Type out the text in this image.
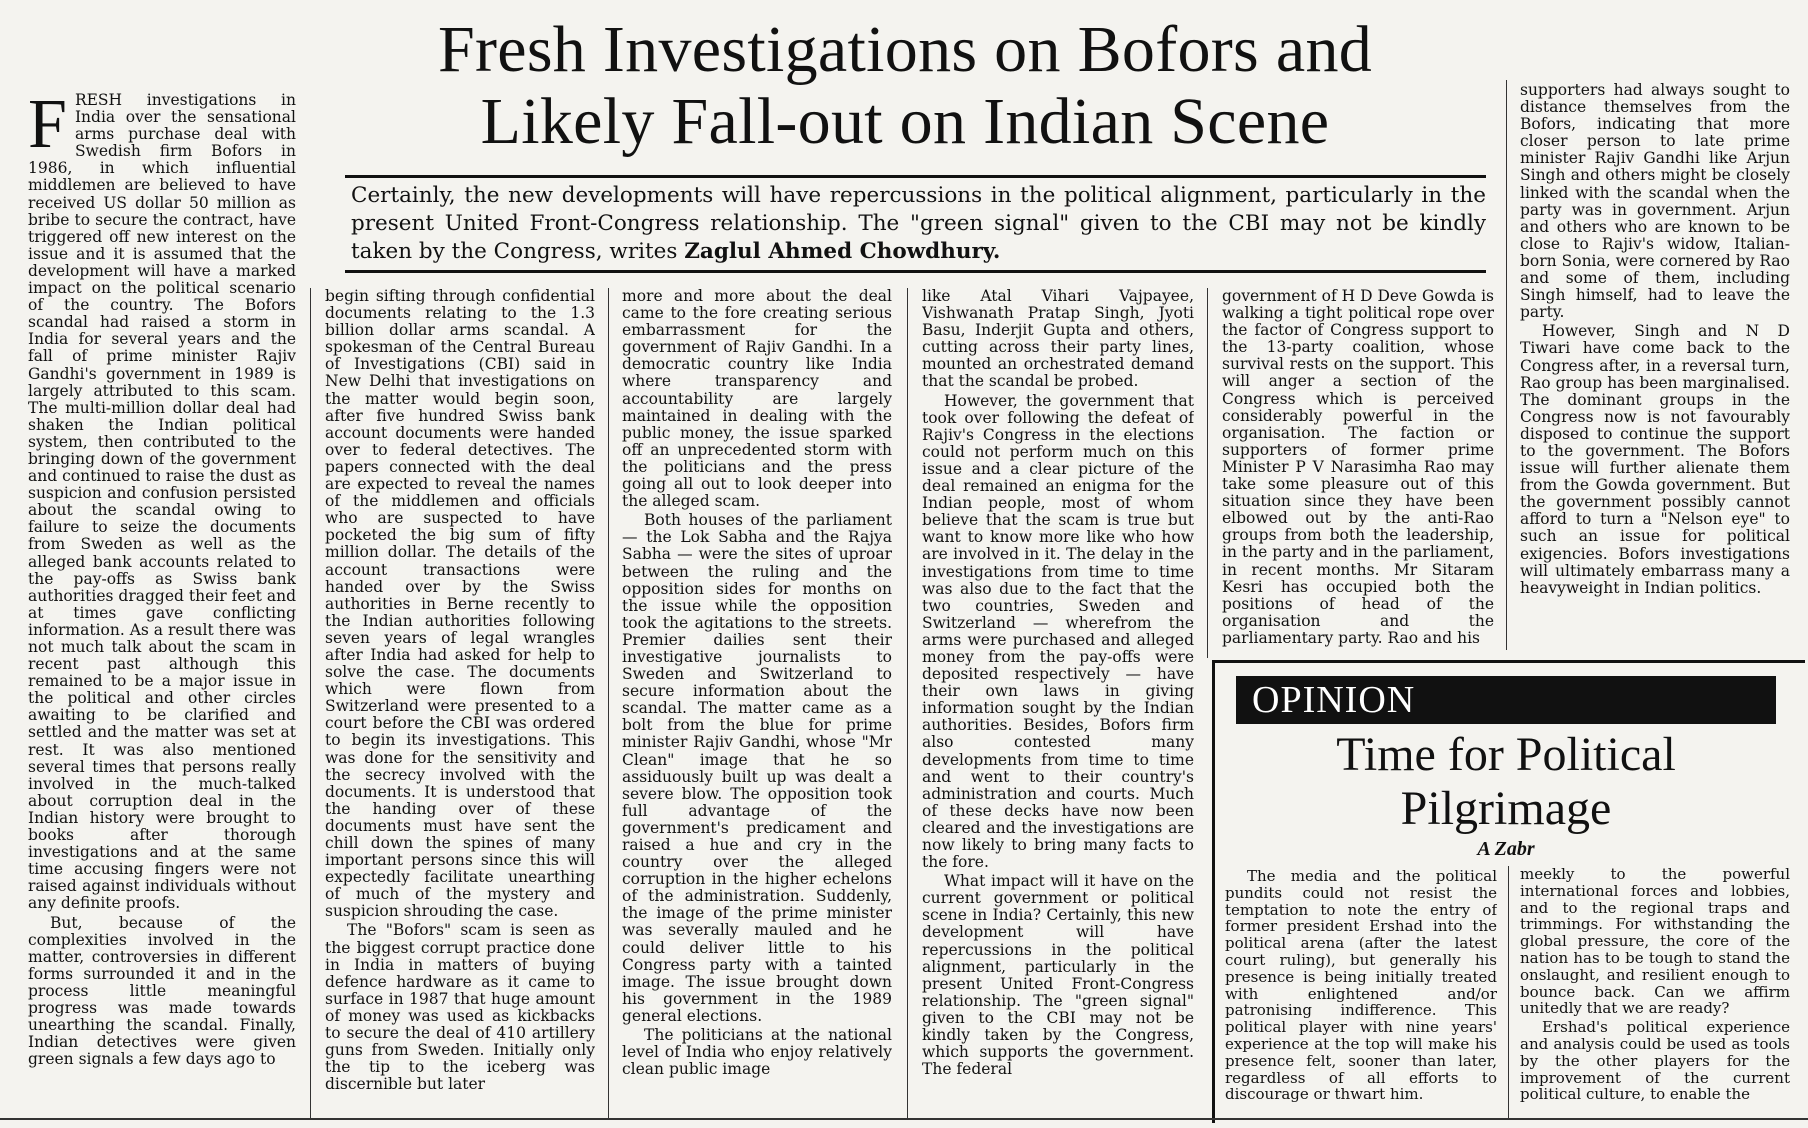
Fresh Investigations on Bofors and
Likely Fall-out on Indian Scene
Certainly, the new developments will have repercussions in the political alignment, particularly in the present United Front-Congress relationship. The "green signal" given to the CBI may not be kindly taken by the Congress, writes Zaglul Ahmed Chowdhury.

FRESH investigations in India over the sensational arms purchase deal with Swedish firm Bofors in 1986, in which influential middlemen are believed to have received US dollar 50 million as bribe to secure the contract, have triggered off new interest on the issue and it is assumed that the development will have a marked impact on the political scenario of the country. The Bofors scandal had raised a storm in India for several years and the fall of prime minister Rajiv Gandhi's government in 1989 is largely attributed to this scam. The multi-million dollar deal had shaken the Indian political system, then contributed to the bringing down of the government and continued to raise the dust as suspicion and confusion persisted about the scandal owing to failure to seize the documents from Sweden as well as the alleged bank accounts related to the pay-offs as Swiss bank authorities dragged their feet and at times gave conflicting information. As a result there was not much talk about the scam in recent past although this remained to be a major issue in the political and other circles awaiting to be clarified and settled and the matter was set at rest. It was also mentioned several times that persons really involved in the much-talked about corruption deal in the Indian history were brought to books after thorough investigations and at the same time accusing fingers were not raised against individuals without any definite proofs.

But, because of the complexities involved in the matter, controversies in different forms surrounded it and in the process little meaningful progress was made towards unearthing the scandal. Finally, Indian detectives were given green signals a few days ago to

begin sifting through confidential documents relating to the 1.3 billion dollar arms scandal. A spokesman of the Central Bureau of Investigations (CBI) said in New Delhi that investigations on the matter would begin soon, after five hundred Swiss bank account documents were handed over to federal detectives. The papers connected with the deal are expected to reveal the names of the middlemen and officials who are suspected to have pocketed the big sum of fifty million dollar. The details of the account transactions were handed over by the Swiss authorities in Berne recently to the Indian authorities following seven years of legal wrangles after India had asked for help to solve the case. The documents which were flown from Switzerland were presented to a court before the CBI was ordered to begin its investigations. This was done for the sensitivity and the secrecy involved with the documents. It is understood that the handing over of these documents must have sent the chill down the spines of many important persons since this will expectedly facilitate unearthing of much of the mystery and suspicion shrouding the case.

The "Bofors" scam is seen as the biggest corrupt practice done in India in matters of buying defence hardware as it came to surface in 1987 that huge amount of money was used as kickbacks to secure the deal of 410 artillery guns from Sweden. Initially only the tip to the iceberg was discernible but later

more and more about the deal came to the fore creating serious embarrassment for the government of Rajiv Gandhi. In a democratic country like India where transparency and accountability are largely maintained in dealing with the public money, the issue sparked off an unprecedented storm with the politicians and the press going all out to look deeper into the alleged scam.

Both houses of the parliament — the Lok Sabha and the Rajya Sabha — were the sites of uproar between the ruling and the opposition sides for months on the issue while the opposition took the agitations to the streets. Premier dailies sent their investigative journalists to Sweden and Switzerland to secure information about the scandal. The matter came as a bolt from the blue for prime minister Rajiv Gandhi, whose "Mr Clean" image that he so assiduously built up was dealt a severe blow. The opposition took full advantage of the government's predicament and raised a hue and cry in the country over the alleged corruption in the higher echelons of the administration. Suddenly, the image of the prime minister was severally mauled and he could deliver little to his Congress party with a tainted image. The issue brought down his government in the 1989 general elections.

The politicians at the national level of India who enjoy relatively clean public image

like Atal Vihari Vajpayee, Vishwanath Pratap Singh, Jyoti Basu, Inderjit Gupta and others, cutting across their party lines, mounted an orchestrated demand that the scandal be probed.

However, the government that took over following the defeat of Rajiv's Congress in the elections could not perform much on this issue and a clear picture of the deal remained an enigma for the Indian people, most of whom believe that the scam is true but want to know more like who how are involved in it. The delay in the investigations from time to time was also due to the fact that the two countries, Sweden and Switzerland — wherefrom the arms were purchased and alleged money from the pay-offs were deposited respectively — have their own laws in giving information sought by the Indian authorities. Besides, Bofors firm also contested many developments from time to time and went to their country's administration and courts. Much of these decks have now been cleared and the investigations are now likely to bring many facts to the fore.

What impact will it have on the current government or political scene in India? Certainly, this new development will have repercussions in the political alignment, particularly in the present United Front-Congress relationship. The "green signal" given to the CBI may not be kindly taken by the Congress, which supports the government. The federal

government of H D Deve Gowda is walking a tight political rope over the factor of Congress support to the 13-party coalition, whose survival rests on the support. This will anger a section of the Congress which is perceived considerably powerful in the organisation. The faction or supporters of former prime Minister P V Narasimha Rao may take some pleasure out of this situation since they have been elbowed out by the anti-Rao groups from both the leadership, in the party and in the parliament, in recent months. Mr Sitaram Kesri has occupied both the positions of head of the organisation and the parliamentary party. Rao and his

supporters had always sought to distance themselves from the Bofors, indicating that more closer person to late prime minister Rajiv Gandhi like Arjun Singh and others might be closely linked with the scandal when the party was in government. Arjun and others who are known to be close to Rajiv's widow, Italian-born Sonia, were cornered by Rao and some of them, including Singh himself, had to leave the party.

However, Singh and N D Tiwari have come back to the Congress after, in a reversal turn, Rao group has been marginalised. The dominant groups in the Congress now is not favourably disposed to continue the support to the government. The Bofors issue will further alienate them from the Gowda government. But the government possibly cannot afford to turn a "Nelson eye" to such an issue for political exigencies. Bofors investigations will ultimately embarrass many a heavyweight in Indian politics.

OPINION
Time for Political
Pilgrimage
A Zabr

The media and the political pundits could not resist the temptation to note the entry of former president Ershad into the political arena (after the latest court ruling), but generally his presence is being initially treated with enlightened and/or patronising indifference. This political player with nine years' experience at the top will make his presence felt, sooner than later, regardless of all efforts to discourage or thwart him.

meekly to the powerful international forces and lobbies, and to the regional traps and trimmings. For withstanding the global pressure, the core of the nation has to be tough to stand the onslaught, and resilient enough to bounce back. Can we affirm unitedly that we are ready?

Ershad's political experience and analysis could be used as tools by the other players for the improvement of the current political culture, to enable the
